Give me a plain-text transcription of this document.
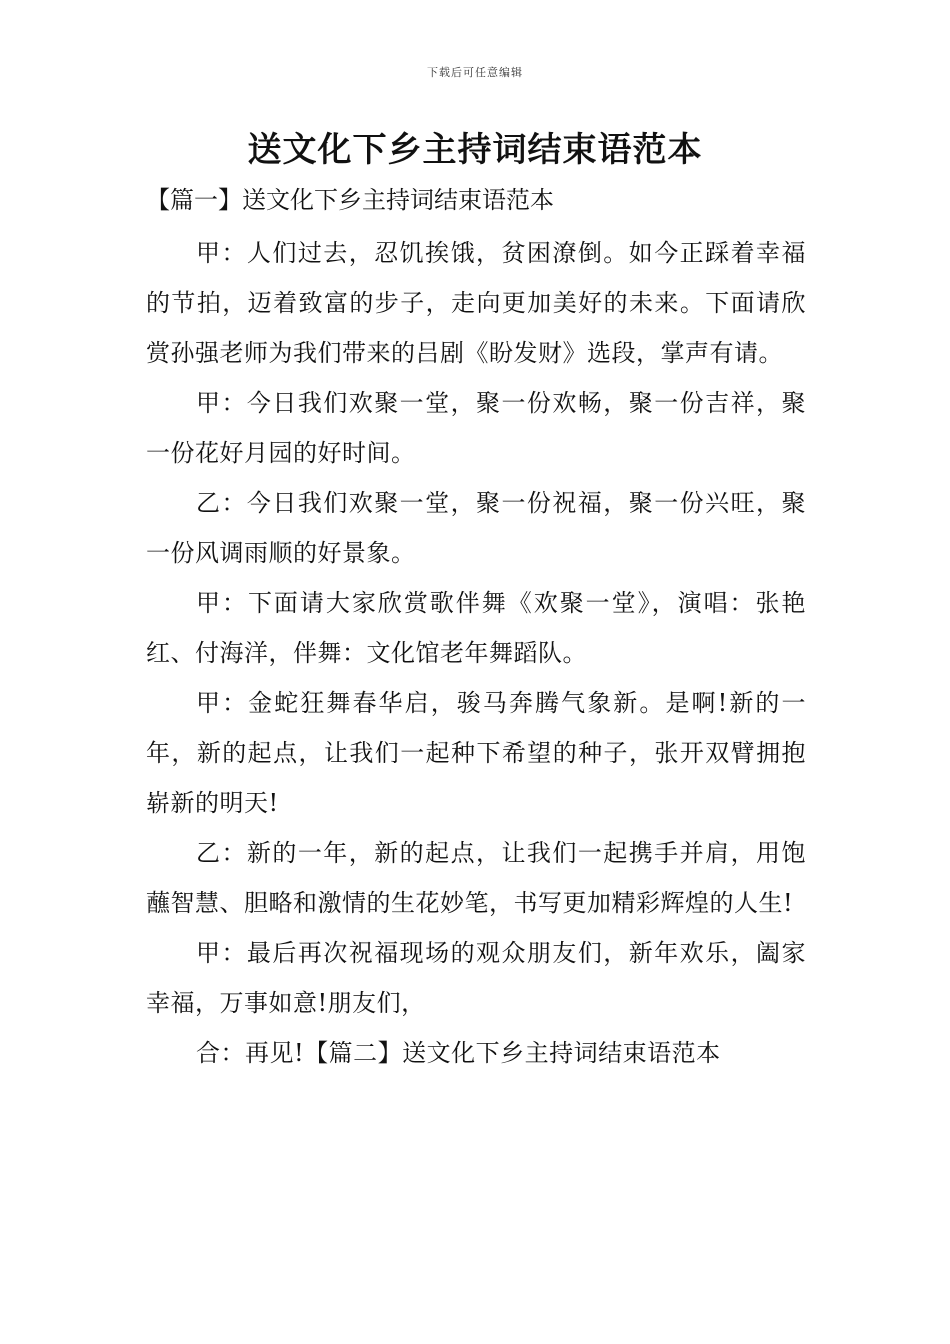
下载后可任意编辑
送文化下乡主持词结束语范本
【篇一】送文化下乡主持词结束语范本

甲：人们过去，忍饥挨饿，贫困潦倒。如今正踩着幸福的节拍，迈着致富的步子，走向更加美好的未来。下面请欣赏孙强老师为我们带来的吕剧《盼发财》选段，掌声有请。

甲：今日我们欢聚一堂，聚一份欢畅，聚一份吉祥，聚一份花好月园的好时间。

乙：今日我们欢聚一堂，聚一份祝福，聚一份兴旺，聚一份风调雨顺的好景象。

甲：下面请大家欣赏歌伴舞《欢聚一堂》，演唱：张艳红、付海洋，伴舞：文化馆老年舞蹈队。

甲：金蛇狂舞春华启，骏马奔腾气象新。是啊!新的一年，新的起点，让我们一起种下希望的种子，张开双臂拥抱崭新的明天!

乙：新的一年，新的起点，让我们一起携手并肩，用饱蘸智慧、胆略和激情的生花妙笔，书写更加精彩辉煌的人生!

甲：最后再次祝福现场的观众朋友们，新年欢乐，阖家幸福，万事如意!朋友们，

合：再见!【篇二】送文化下乡主持词结束语范本
